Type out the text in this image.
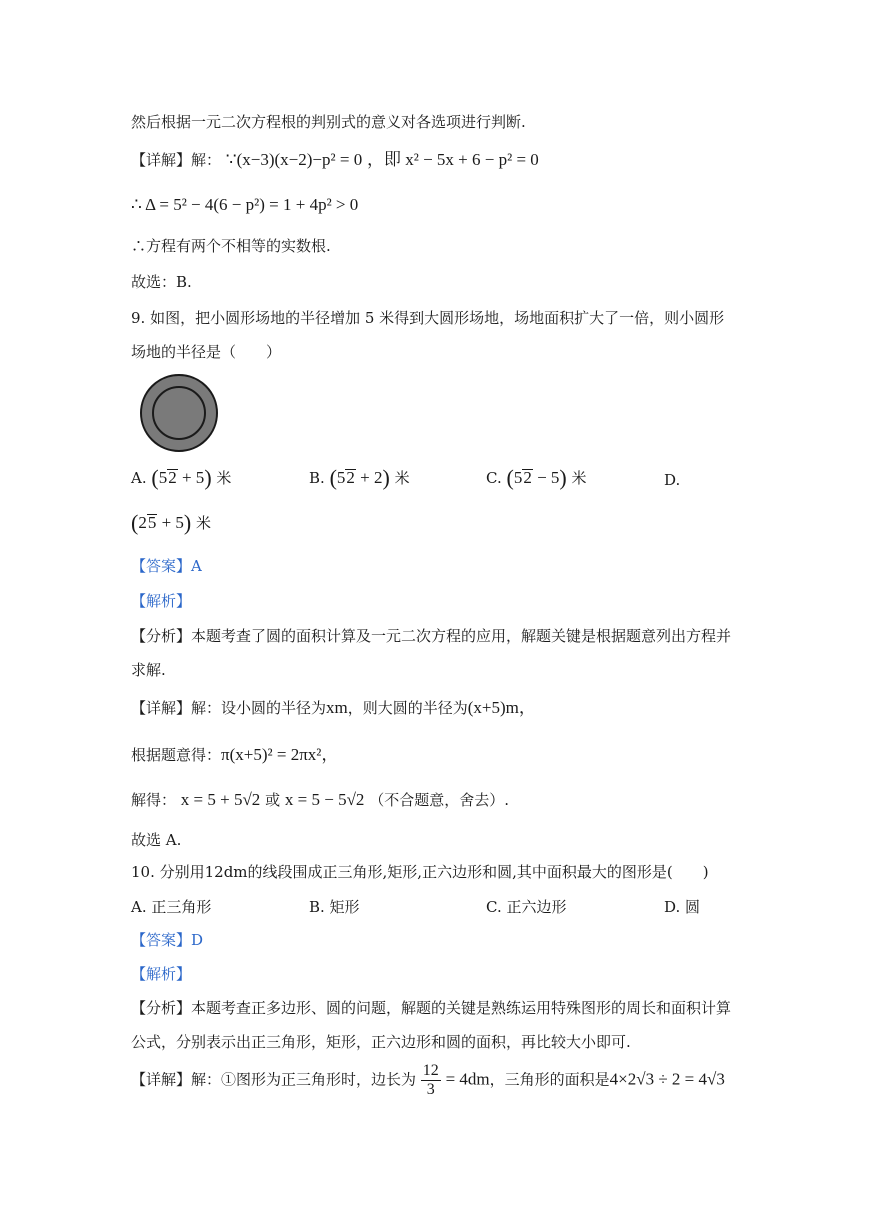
然后根据一元二次方程根的判别式的意义对各选项进行判断.
【详解】解： ∵(x−3)(x−2)−p² = 0 ，即 x² − 5x + 6 − p² = 0
∴ Δ = 5² − 4(6 − p²) = 1 + 4p² > 0
∴方程有两个不相等的实数根.
故选：B.
9. 如图，把小圆形场地的半径增加 5 米得到大圆形场地，场地面积扩大了一倍，则小圆形
场地的半径是（　　）
A. (52 + 5) 米	B. (52 + 2) 米	C. (52 − 5) 米	D.
(25 + 5) 米
【答案】A
【解析】
【分析】本题考查了圆的面积计算及一元二次方程的应用，解题关键是根据题意列出方程并
求解.
【详解】解：设小圆的半径为xm，则大圆的半径为(x+5)m，
根据题意得：π(x+5)² = 2πx²，
解得： x = 5 + 5√2 或 x = 5 − 5√2 （不合题意，舍去）.
故选 A.
10. 分别用12dm的线段围成正三角形,矩形,正六边形和圆,其中面积最大的图形是(　　)
A. 正三角形	B. 矩形	C. 正六边形	D. 圆
【答案】D
【解析】
【分析】本题考查正多边形、圆的问题，解题的关键是熟练运用特殊图形的周长和面积计算
公式，分别表示出正三角形，矩形，正六边形和圆的面积，再比较大小即可.
【详解】解：①图形为正三角形时，边长为 $\frac{12}{3} = 4dm$，三角形的面积是4×2√3 ÷ 2 = 4√3
